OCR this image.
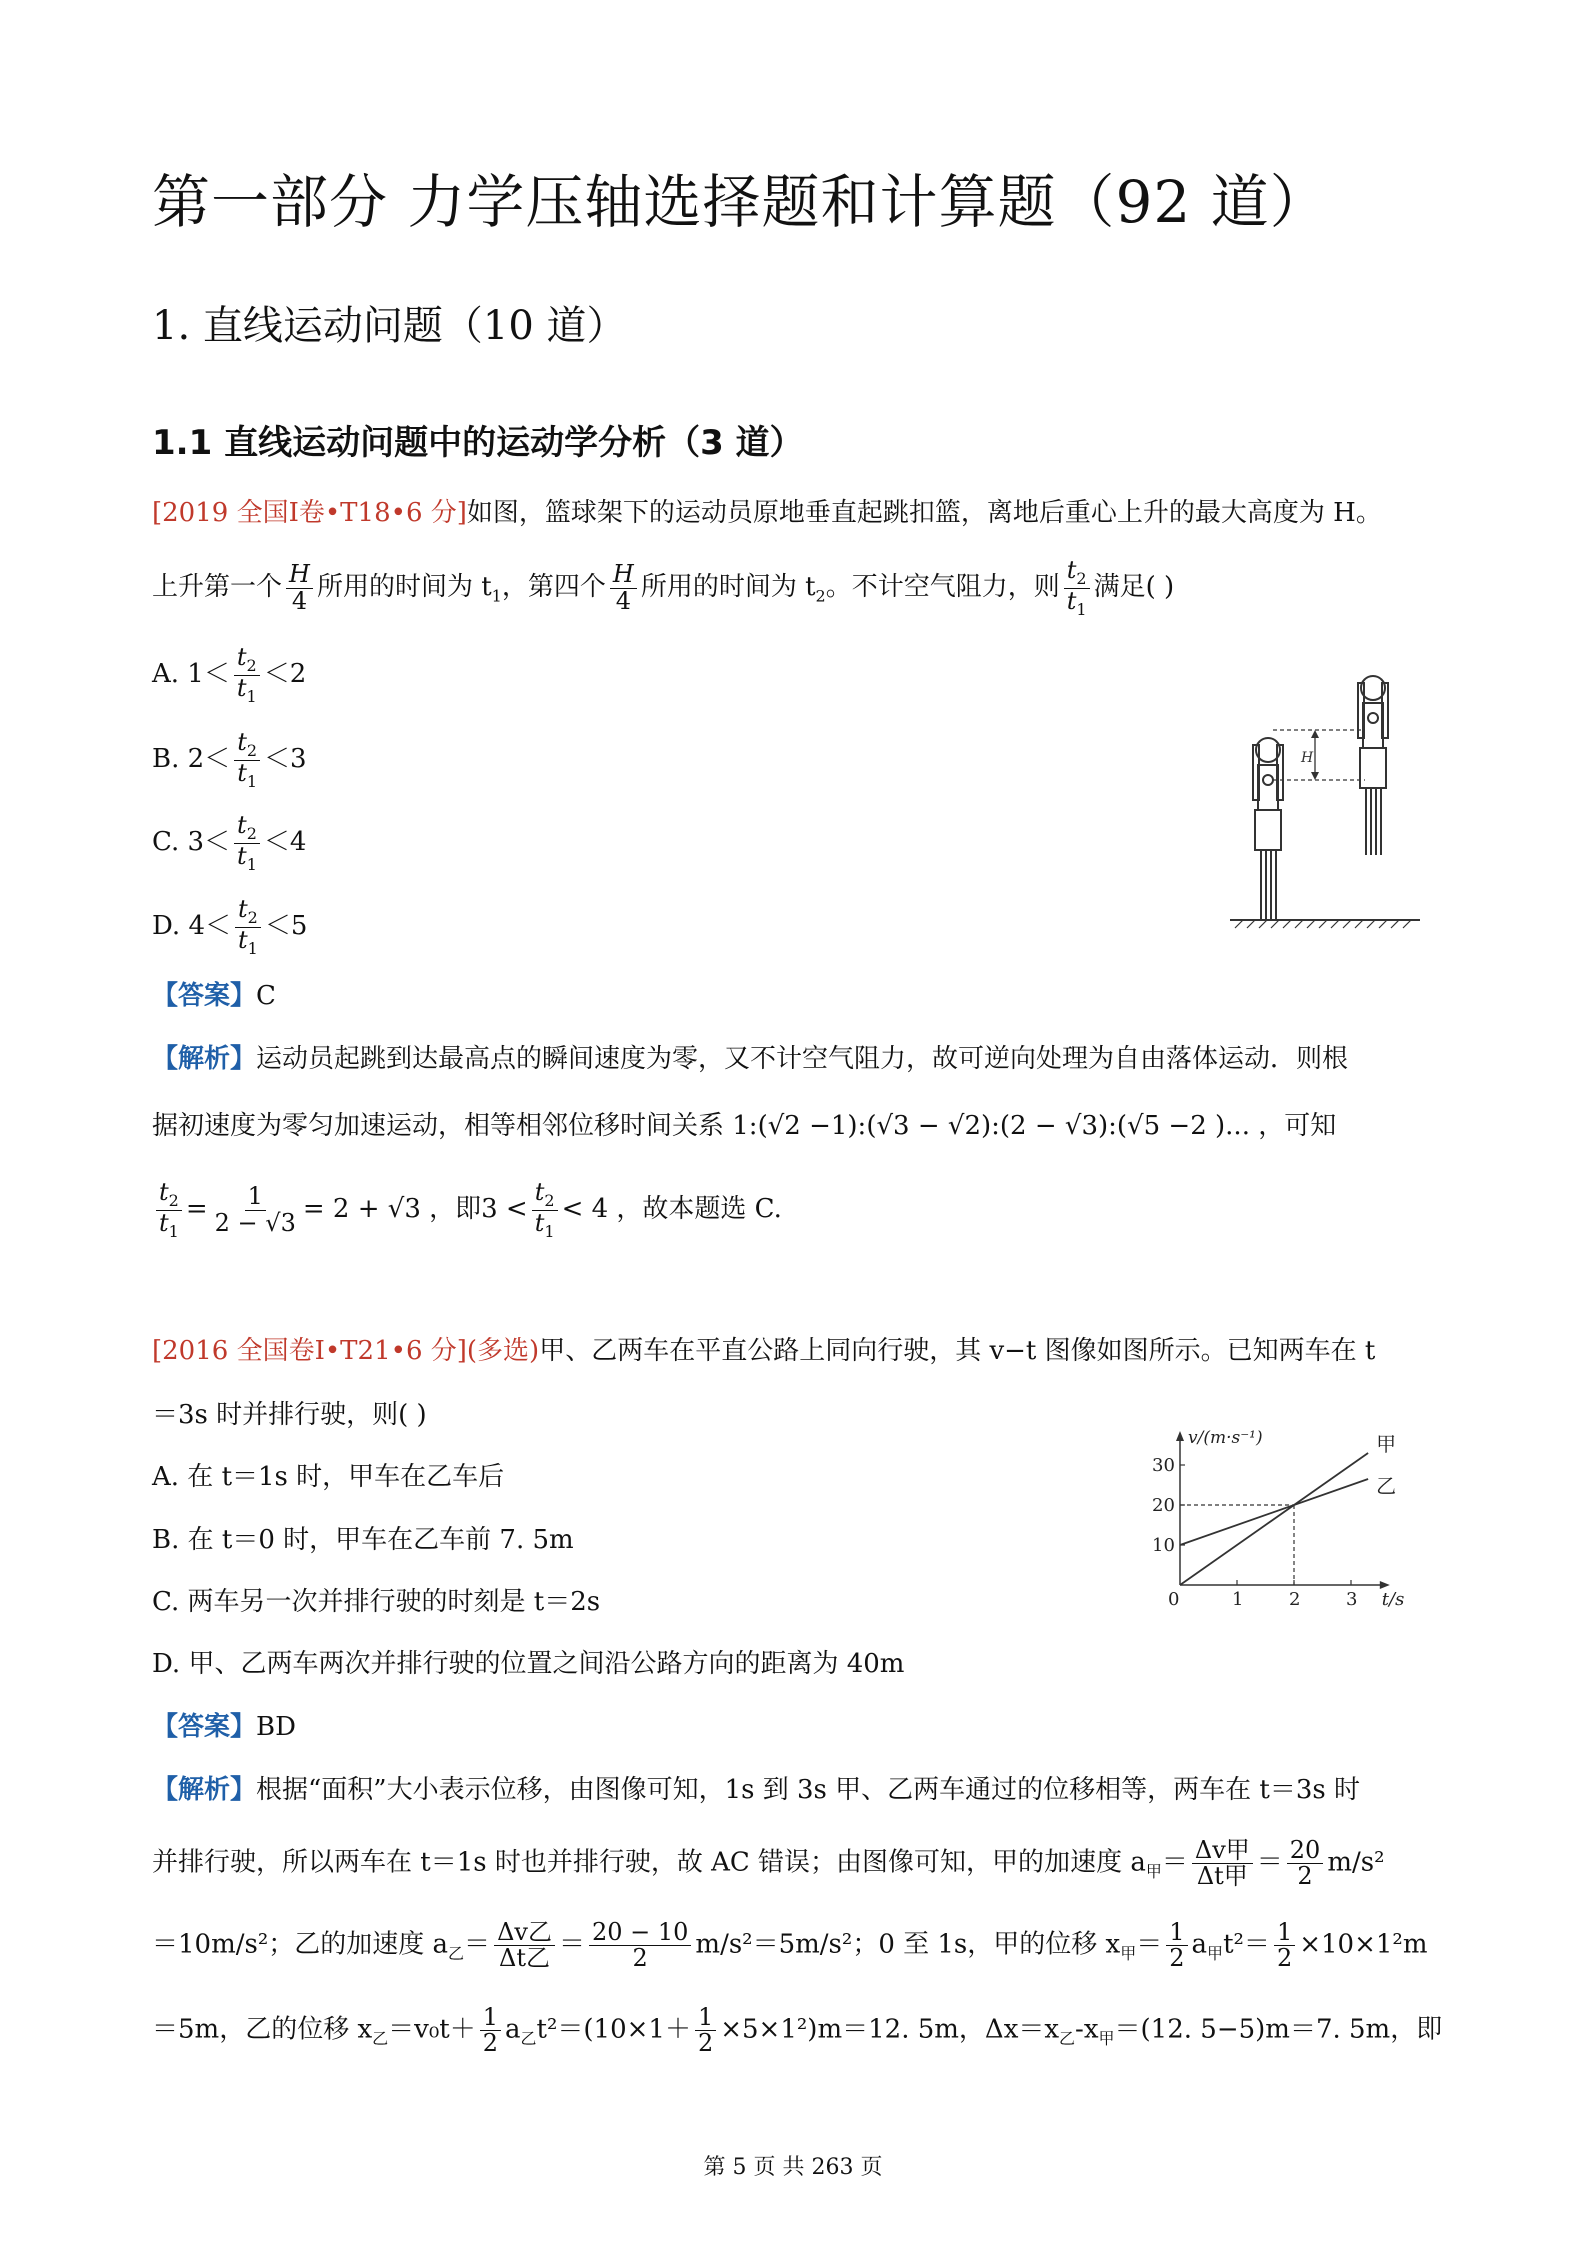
第一部分 力学压轴选择题和计算题（92 道）
1. 直线运动问题（10 道）
1.1 直线运动问题中的运动学分析（3 道）
[2019 全国Ⅰ卷•T18•6 分]如图，篮球架下的运动员原地垂直起跳扣篮，离地后重心上升的最大高度为 H。
上升第一个 $\frac{H}{4}$ 所用的时间为 $t_1$，第四个 $\frac{H}{4}$ 所用的时间为 $t_2$。不计空气阻力，则 $\frac{t_2}{t_1}$ 满足( )
A. $1< \frac{t_2}{t_1} <2$
B. $2< \frac{t_2}{t_1} <3$
C. $3< \frac{t_2}{t_1} <4$
D. $4< \frac{t_2}{t_1} <5$
H
【答案】C
【解析】运动员起跳到达最高点的瞬间速度为零，又不计空气阻力，故可逆向处理为自由落体运动．则根
据初速度为零匀加速运动，相等相邻位移时间关系 1:(√2 −1):(√3 − √2):(2 − √3):(√5 −2 )... ，可知
$\frac{t_2}{t_1} = \frac{1}{2 - √3} = 2 + √3$ ，即$3 < \frac{t_2}{t_1} < 4$ ，故本题选 C.
[2016 全国卷Ⅰ•T21•6 分](多选)甲、乙两车在平直公路上同向行驶，其 v−t 图像如图所示。已知两车在 t
＝3s 时并排行驶，则( )
A. 在 t＝1s 时，甲车在乙车后
B. 在 t＝0 时，甲车在乙车前 7. 5m
C. 两车另一次并排行驶的时刻是 t＝2s
D. 甲、乙两车两次并排行驶的位置之间沿公路方向的距离为 40m
0	1	2	3
10
20
30
v/(m·s⁻¹)
t/s
甲
乙
【答案】BD
【解析】根据“面积”大小表示位移，由图像可知，1s 到 3s 甲、乙两车通过的位移相等，两车在 t＝3s 时
并排行驶，所以两车在 t＝1s 时也并排行驶，故 AC 错误；由图像可知，甲的加速度 $a_甲= \frac{\text{Δv甲}}{\text{Δt甲}} = \frac{20}{2} m/s^2$
＝10m/s²；乙的加速度 $a_乙= \frac{\text{Δv乙}}{\text{Δt乙}} = \frac{20 - 10}{2} m/s^2=5m/s^2$；0 至 1s，甲的位移 $x_甲= \frac{1}{2} a_甲t^2= \frac{1}{2} \times 10\times 1^2m$
＝5m，乙的位移 $x_乙=v_0t+ \frac{1}{2} a_乙t^2=(10\times 1+ \frac{1}{2} \times 5\times 1^2)m=12$. 5m，$\Delta x=x_乙-x_甲=(12$. 5−5)m＝7. 5m，即
第 5 页 共 263 页
